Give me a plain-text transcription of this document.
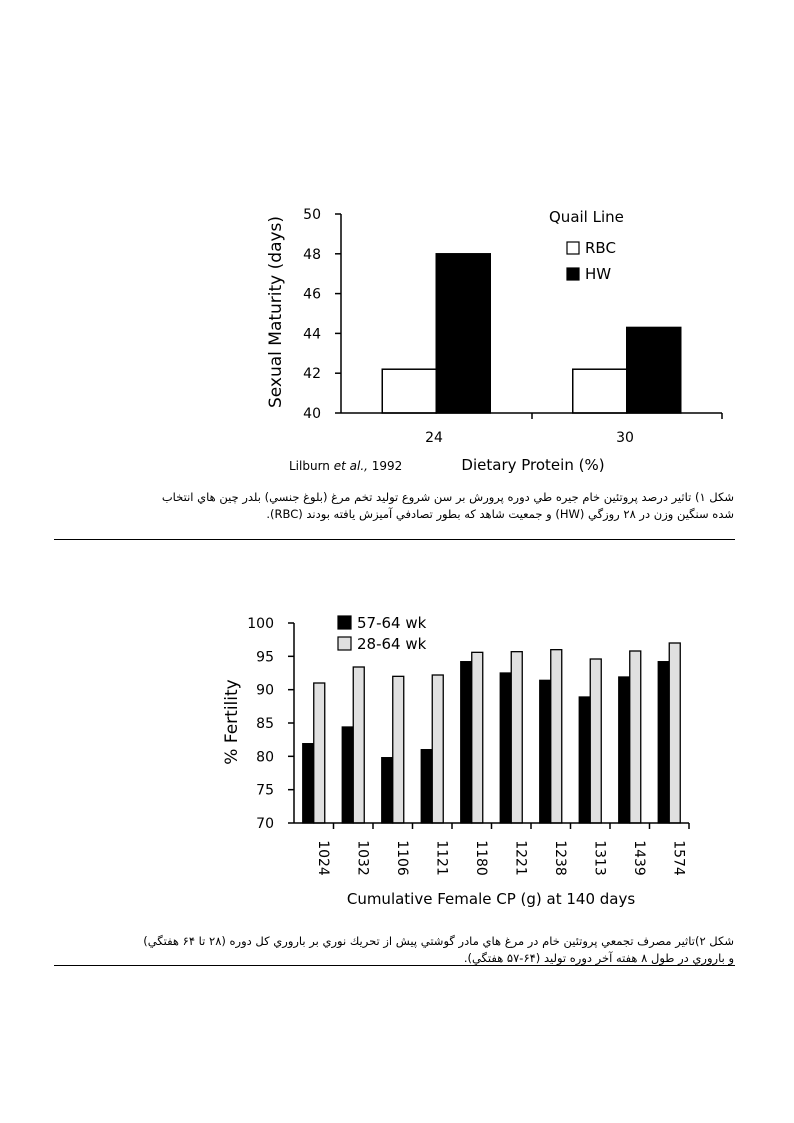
Sexual Maturity (days)
40
42
44
46
48
50
24	30
Quail Line
RBC
HW
Lilburn et al., 1992	Dietary Protein (%)
شكل ۱) تاثير درصد پروتئين خام جيره طي دوره پرورش بر سن شروع توليد تخم مرغ (بلوغ جنسي) بلدر چين هاي انتخاب
شده سنگين وزن در ۲۸ روزگي (HW) و جمعيت شاهد كه بطور تصادفي آميزش يافته بودند (RBC).
% Fertility
70
75
80
85
90
95
100
1024 1032 1106 1121 1180 1221 1238 1313 1439 1574
57-64 wk
28-64 wk
Cumulative Female CP (g) at 140 days
شكل ۲)تاثير مصرف تجمعي پروتئين خام در مرغ هاي مادر گوشتي پيش از تحريك نوري بر باروري كل دوره (۲۸ تا ۶۴ هفتگي)
و باروري در طول ۸ هفته آخر دوره توليد (۶۴-۵۷ هفتگي).
